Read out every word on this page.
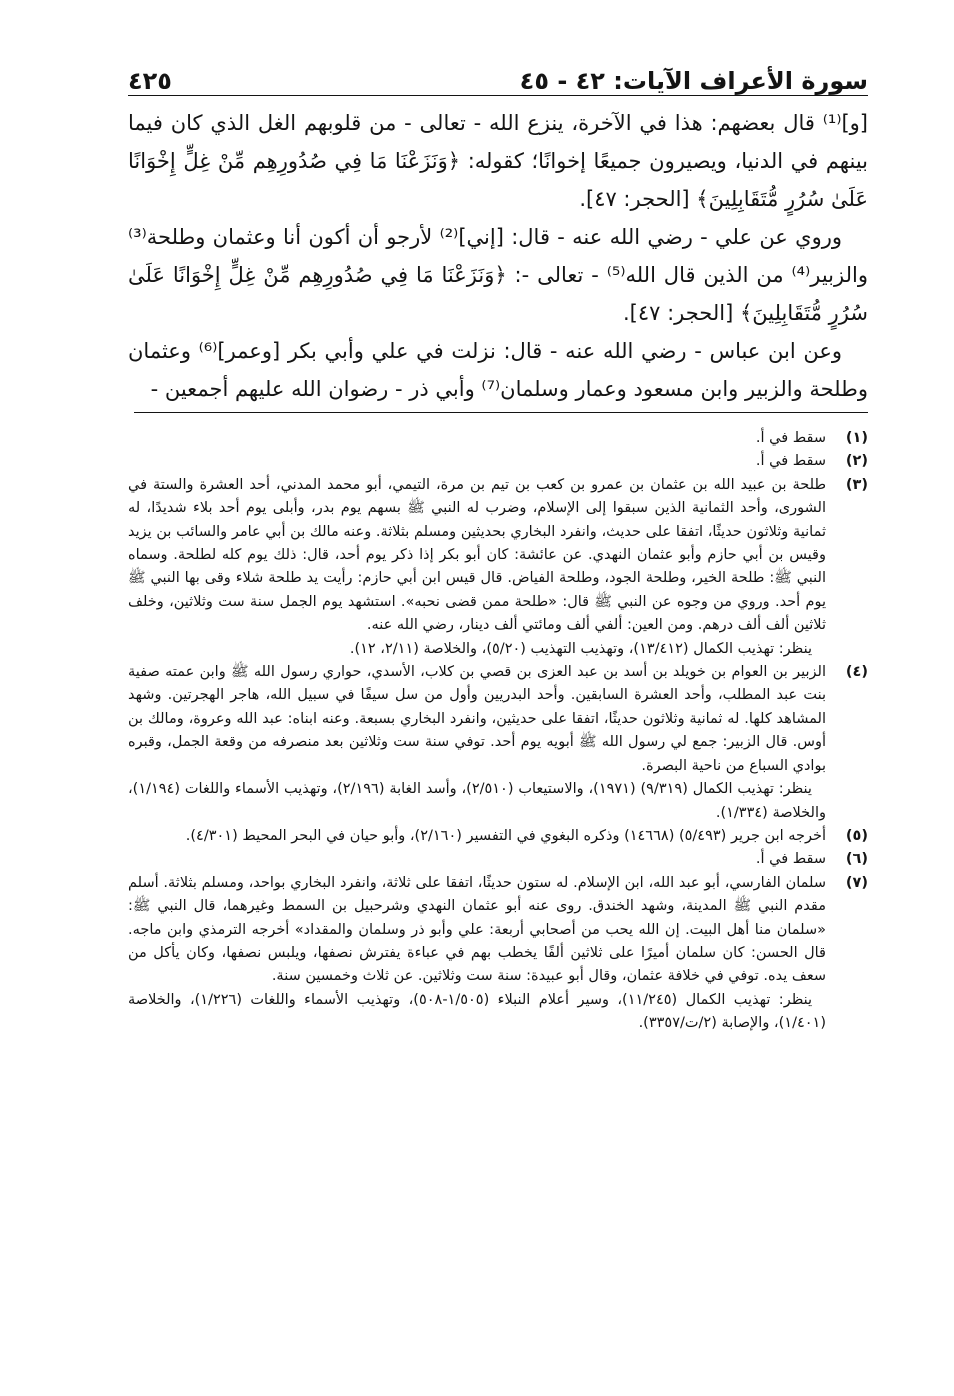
سورة الأعراف الآيات: ٤٢ - ٤٥
٤٢٥

[و]⁽¹⁾ قال بعضهم: هذا في الآخرة، ينزع الله - تعالى - من قلوبهم الغل الذي كان فيما بينهم في الدنيا، ويصيرون جميعًا إخوانًا؛ كقوله: ﴿وَنَزَعْنَا مَا فِي صُدُورِهِم مِّنْ غِلٍّ إِخْوَانًا عَلَىٰ سُرُرٍ مُّتَقَابِلِينَ﴾ [الحجر: ٤٧].

وروي عن علي - رضي الله عنه - قال: [إني]⁽²⁾ لأرجو أن أكون أنا وعثمان وطلحة⁽³⁾ والزبير⁽⁴⁾ من الذين قال الله⁽⁵⁾ - تعالى -: ﴿وَنَزَعْنَا مَا فِي صُدُورِهِم مِّنْ غِلٍّ إِخْوَانًا عَلَىٰ سُرُرٍ مُّتَقَابِلِينَ﴾ [الحجر: ٤٧].

وعن ابن عباس - رضي الله عنه - قال: نزلت في علي وأبي بكر [وعمر]⁽⁶⁾ وعثمان وطلحة والزبير وابن مسعود وعمار وسلمان⁽⁷⁾ وأبي ذر - رضوان الله عليهم أجمعين -

(١)

سقط في أ.

(٢)

سقط في أ.

(٣)

طلحة بن عبيد الله بن عثمان بن عمرو بن كعب بن تيم بن مرة، التيمي، أبو محمد المدني، أحد العشرة والستة في الشورى، وأحد الثمانية الذين سبقوا إلى الإسلام، وضرب له النبي ﷺ بسهم يوم بدر، وأبلى يوم أحد بلاء شديدًا، له ثمانية وثلاثون حديثًا، اتفقا على حديث، وانفرد البخاري بحديثين ومسلم بثلاثة. وعنه مالك بن أبي عامر والسائب بن يزيد وقيس بن أبي حازم وأبو عثمان النهدي. عن عائشة: كان أبو بكر إذا ذكر يوم أحد، قال: ذلك يوم كله لطلحة. وسماه النبي ﷺ: طلحة الخير، وطلحة الجود، وطلحة الفياض. قال قيس ابن أبي حازم: رأيت يد طلحة شلاء وقى بها النبي ﷺ يوم أحد. وروي من وجوه عن النبي ﷺ قال: «طلحة ممن قضى نحبه». استشهد يوم الجمل سنة ست وثلاثين، وخلف ثلاثين ألف ألف درهم. ومن العين: ألفي ألف ومائتي ألف دينار، رضي الله عنه.

ينظر: تهذيب الكمال (١٣/٤١٢)، وتهذيب التهذيب (٥/٢٠)، والخلاصة (٢/١١، ١٢).

(٤)

الزبير بن العوام بن خويلد بن أسد بن عبد العزى بن قصي بن كلاب، الأسدي، حواري رسول الله ﷺ وابن عمته صفية بنت عبد المطلب، وأحد العشرة السابقين. وأحد البدريين وأول من سل سيفًا في سبيل الله، هاجر الهجرتين. وشهد المشاهد كلها. له ثمانية وثلاثون حديثًا، اتفقا على حديثين، وانفرد البخاري بسبعة. وعنه ابناه: عبد الله وعروة، ومالك بن أوس. قال الزبير: جمع لي رسول الله ﷺ أبويه يوم أحد. توفي سنة ست وثلاثين بعد منصرفه من وقعة الجمل، وقبره بوادي السباع من ناحية البصرة.

ينظر: تهذيب الكمال (٩/٣١٩) (١٩٧١)، والاستيعاب (٢/٥١٠)، وأسد الغابة (٢/١٩٦)، وتهذيب الأسماء واللغات (١/١٩٤)، والخلاصة (١/٣٣٤).

(٥)

أخرجه ابن جرير (٥/٤٩٣) (١٤٦٦٨) وذكره البغوي في التفسير (٢/١٦٠)، وأبو حيان في البحر المحيط (٤/٣٠١).

(٦)

سقط في أ.

(٧)

سلمان الفارسي، أبو عبد الله، ابن الإسلام. له ستون حديثًا، اتفقا على ثلاثة، وانفرد البخاري بواحد، ومسلم بثلاثة. أسلم مقدم النبي ﷺ المدينة، وشهد الخندق. روى عنه أبو عثمان النهدي وشرحبيل بن السمط وغيرهما، قال النبي ﷺ: «سلمان منا أهل البيت. إن الله يحب من أصحابي أربعة: علي وأبو ذر وسلمان والمقداد» أخرجه الترمذي وابن ماجه. قال الحسن: كان سلمان أميرًا على ثلاثين ألفًا يخطب بهم في عباءة يفترش نصفها، ويلبس نصفها، وكان يأكل من سعف يده. توفي في خلافة عثمان، وقال أبو عبيدة: سنة ست وثلاثين. عن ثلاث وخمسين سنة.

ينظر: تهذيب الكمال (١١/٢٤٥)، وسير أعلام النبلاء (١/٥٠٥-٥٠٨)، وتهذيب الأسماء واللغات (١/٢٢٦)، والخلاصة (١/٤٠١)، والإصابة (٢/ت/٣٣٥٧).
